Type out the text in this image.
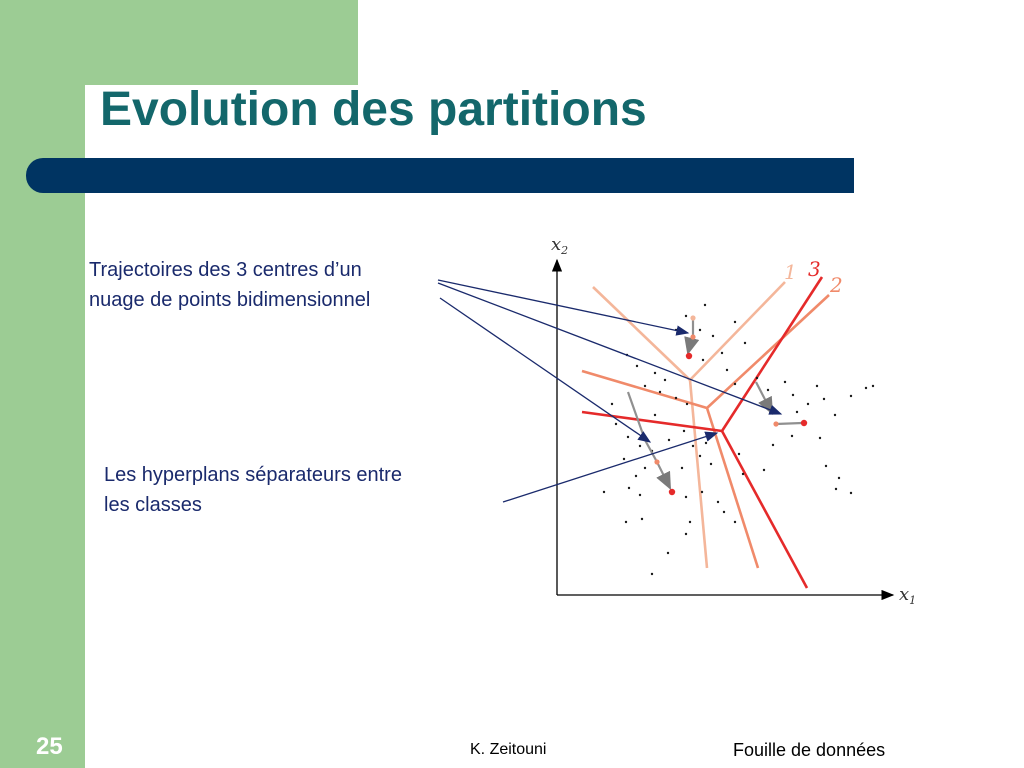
Evolution des partitions
Trajectoires des 3 centres d’un
nuage de points bidimensionnel
Les hyperplans séparateurs entre
les classes
$x_2$
$x_1$
1 3
2
25	K. Zeitouni	Fouille de données
